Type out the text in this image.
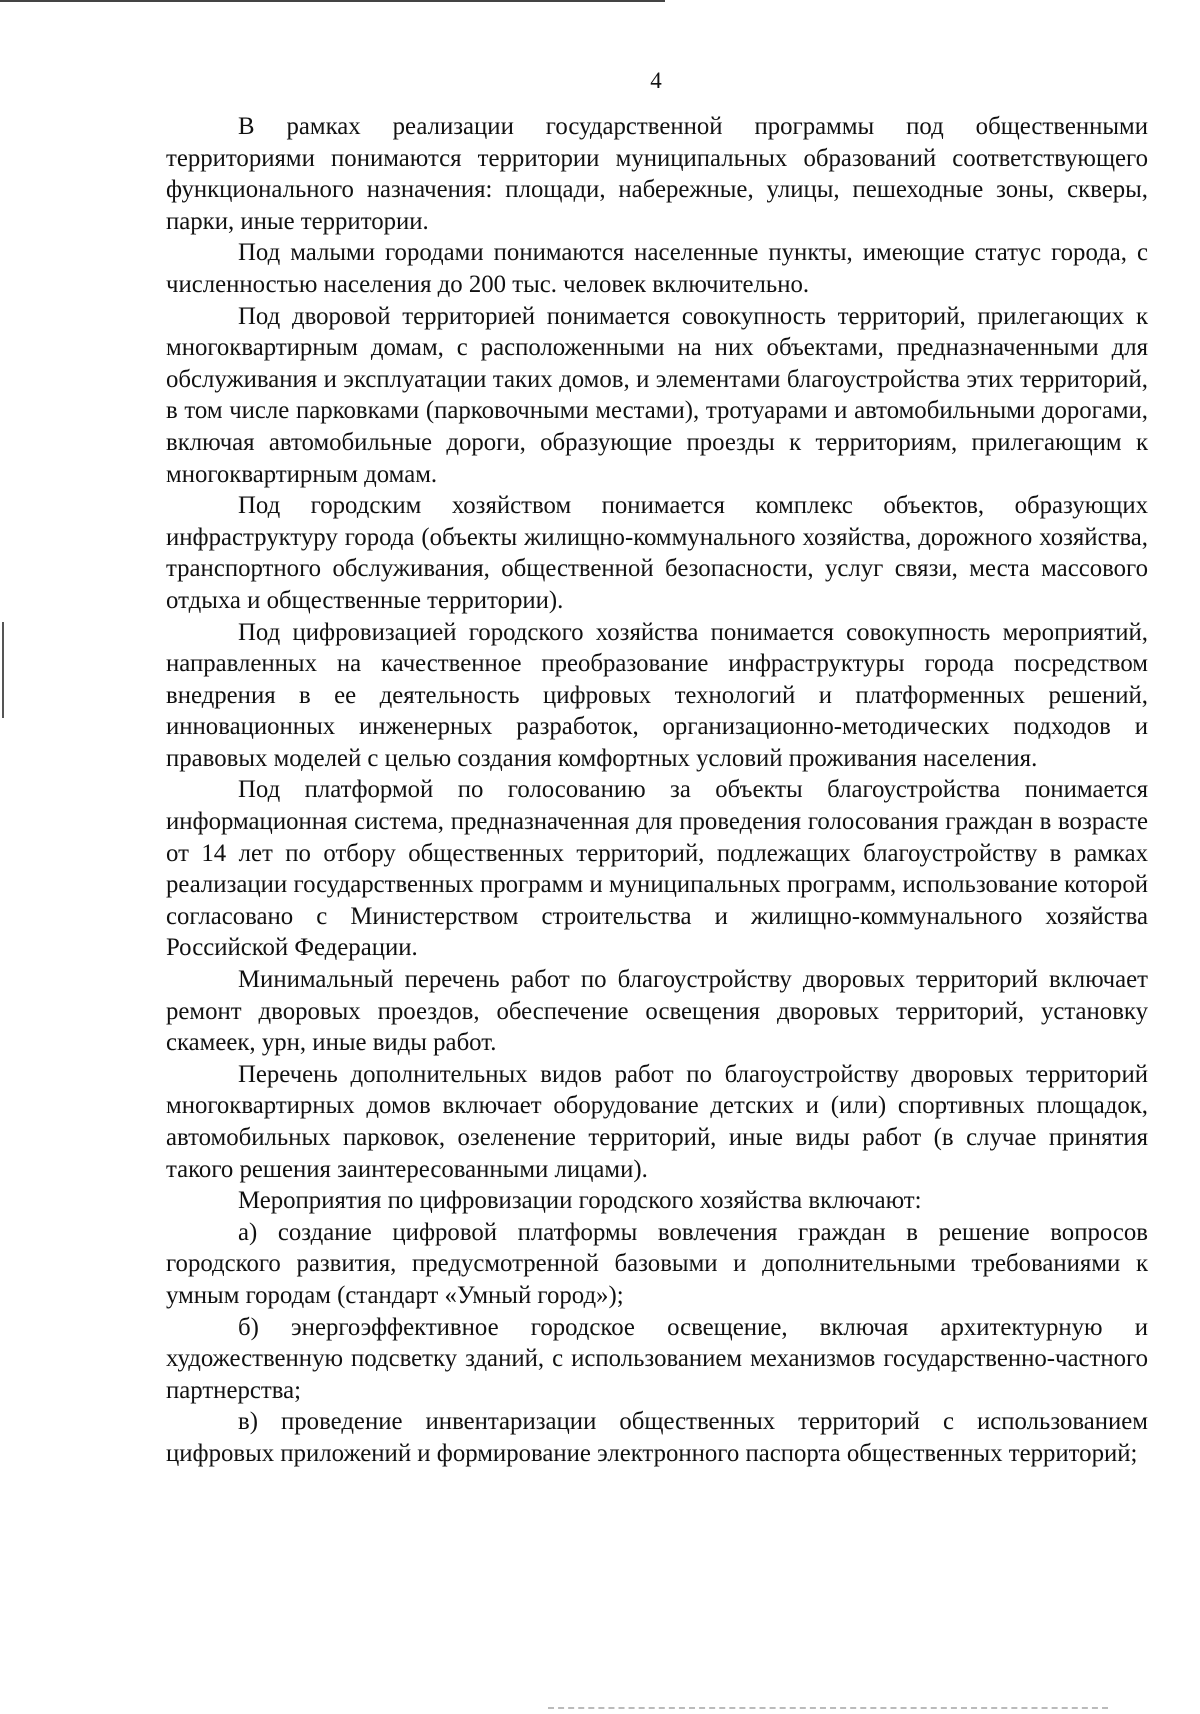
4

В рамках реализации государственной программы под общественными территориями понимаются территории муниципальных образований соответствующего функционального назначения: площади, набережные, улицы, пешеходные зоны, скверы, парки, иные территории.

Под малыми городами понимаются населенные пункты, имеющие статус города, с численностью населения до 200 тыс. человек включительно.

Под дворовой территорией понимается совокупность территорий, прилегающих к многоквартирным домам, с расположенными на них объектами, предназначенными для обслуживания и эксплуатации таких домов, и элементами благоустройства этих территорий, в том числе парковками (парковочными местами), тротуарами и автомобильными дорогами, включая автомобильные дороги, образующие проезды к территориям, прилегающим к многоквартирным домам.

Под городским хозяйством понимается комплекс объектов, образующих инфраструктуру города (объекты жилищно-коммунального хозяйства, дорожного хозяйства, транспортного обслуживания, общественной безопасности, услуг связи, места массового отдыха и общественные территории).

Под цифровизацией городского хозяйства понимается совокупность мероприятий, направленных на качественное преобразование инфраструктуры города посредством внедрения в ее деятельность цифровых технологий и платформенных решений, инновационных инженерных разработок, организационно-методических подходов и правовых моделей с целью создания комфортных условий проживания населения.

Под платформой по голосованию за объекты благоустройства понимается информационная система, предназначенная для проведения голосования граждан в возрасте от 14 лет по отбору общественных территорий, подлежащих благоустройству в рамках реализации государственных программ и муниципальных программ, использование которой согласовано с Министерством строительства и жилищно-коммунального хозяйства Российской Федерации.

Минимальный перечень работ по благоустройству дворовых территорий включает ремонт дворовых проездов, обеспечение освещения дворовых территорий, установку скамеек, урн, иные виды работ.

Перечень дополнительных видов работ по благоустройству дворовых территорий многоквартирных домов включает оборудование детских и (или) спортивных площадок, автомобильных парковок, озеленение территорий, иные виды работ (в случае принятия такого решения заинтересованными лицами).

Мероприятия по цифровизации городского хозяйства включают:

а) создание цифровой платформы вовлечения граждан в решение вопросов городского развития, предусмотренной базовыми и дополнительными требованиями к умным городам (стандарт «Умный город»);

б) энергоэффективное городское освещение, включая архитектурную и художественную подсветку зданий, с использованием механизмов государственно-частного партнерства;

в) проведение инвентаризации общественных территорий с использованием цифровых приложений и формирование электронного паспорта общественных территорий;
